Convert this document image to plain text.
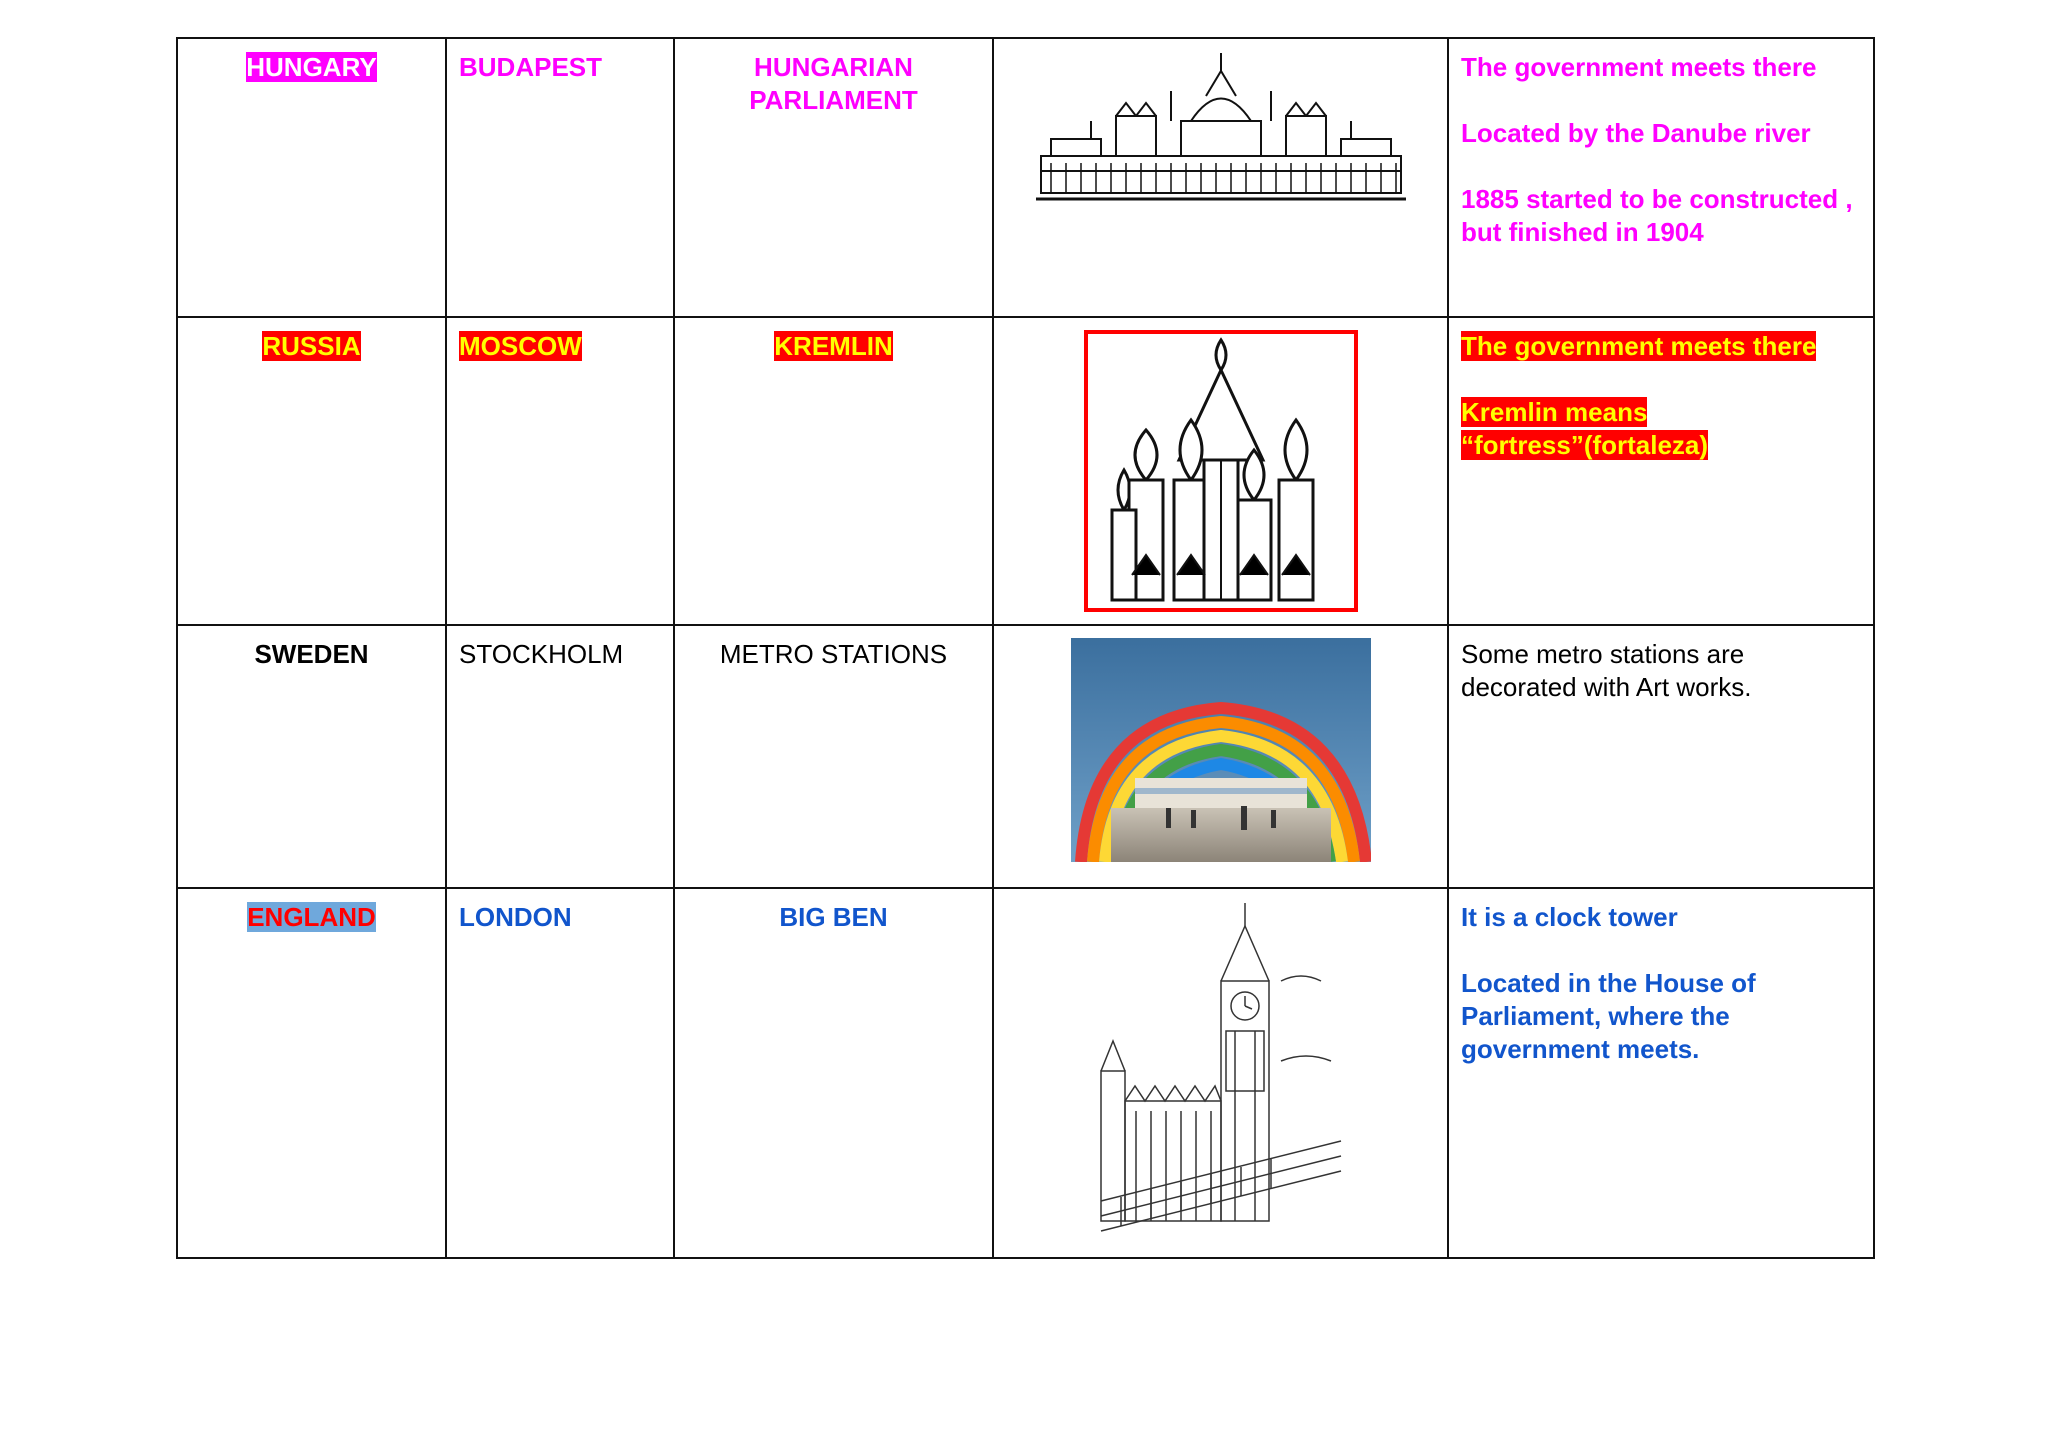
HUNGARY	BUDAPEST	HUNGARIAN PARLIAMENT		The government meets there
Located by the Danube river
1885 started to be constructed , but finished in 1904

RUSSIA	MOSCOW	KREMLIN		The government meets there
Kremlin means “fortress”(fortaleza)

SWEDEN	STOCKHOLM	METRO STATIONS		Some metro stations are decorated with Art works.

ENGLAND	LONDON	BIG BEN		It is a clock tower
Located in the House of Parliament, where the government meets.
